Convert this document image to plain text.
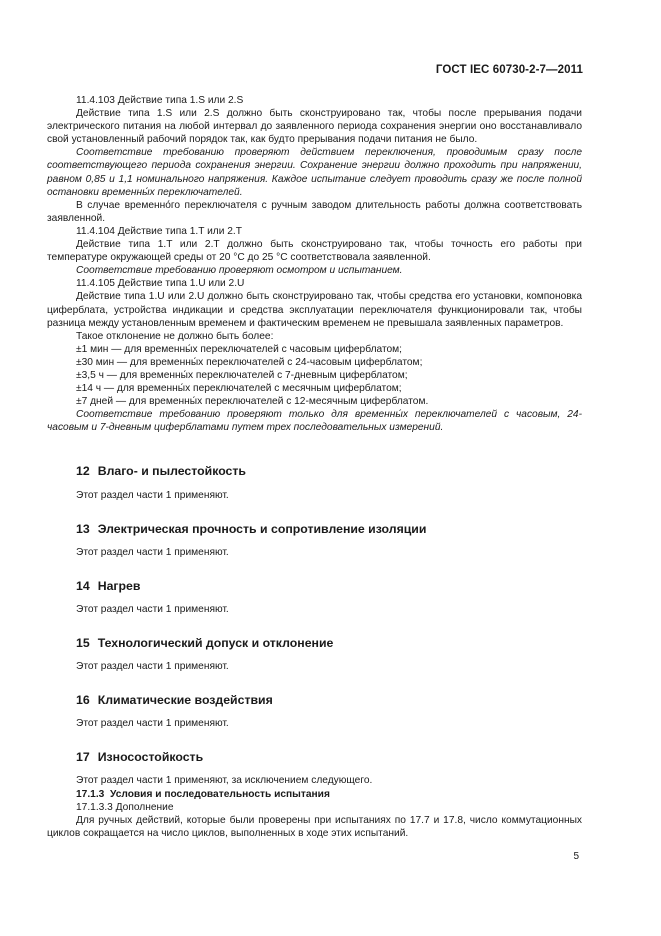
ГОСТ IEC 60730-2-7—2011

11.4.103 Действие типа 1.S или 2.S

Действие типа 1.S или 2.S должно быть сконструировано так, чтобы после прерывания подачи электрического питания на любой интервал до заявленного периода сохранения энергии оно восстанавливало свой установленный рабочий порядок так, как будто прерывания подачи питания не было.

Соответствие требованию проверяют действием переключения, проводимым сразу после соответствующего периода сохранения энергии. Сохранение энергии должно проходить при напряжении, равном 0,85 и 1,1 номинального напряжения. Каждое испытание следует проводить сразу же после полной остановки временны́х переключателей.

В случае временно́го переключателя с ручным заводом длительность работы должна соответствовать заявленной.

11.4.104 Действие типа 1.T или 2.T

Действие типа 1.T или 2.T должно быть сконструировано так, чтобы точность его работы при температуре окружающей среды от 20 °С до 25 °С соответствовала заявленной.

Соответствие требованию проверяют осмотром и испытанием.

11.4.105 Действие типа 1.U или 2.U

Действие типа 1.U или 2.U должно быть сконструировано так, чтобы средства его установки, компоновка циферблата, устройства индикации и средства эксплуатации переключателя функционировали так, чтобы разница между установленным временем и фактическим временем не превышала заявленных параметров.

Такое отклонение не должно быть более:

±1 мин — для временны́х переключателей с часовым циферблатом;

±30 мин — для временны́х переключателей с 24-часовым циферблатом;

±3,5 ч — для временны́х переключателей с 7-дневным циферблатом;

±14 ч — для временны́х переключателей с месячным циферблатом;

±7 дней — для временны́х переключателей с 12-месячным циферблатом.

Соответствие требованию проверяют только для временны́х переключателей с часовым, 24-часовым и 7-дневным циферблатами путем трех последовательных измерений.

12 Влаго- и пылестойкость

Этот раздел части 1 применяют.

13 Электрическая прочность и сопротивление изоляции

Этот раздел части 1 применяют.

14 Нагрев

Этот раздел части 1 применяют.

15 Технологический допуск и отклонение

Этот раздел части 1 применяют.

16 Климатические воздействия

Этот раздел части 1 применяют.

17 Износостойкость

Этот раздел части 1 применяют, за исключением следующего.

17.1.3 Условия и последовательность испытания

17.1.3.3 Дополнение

Для ручных действий, которые были проверены при испытаниях по 17.7 и 17.8, число коммутационных циклов сокращается на число циклов, выполненных в ходе этих испытаний.

5
